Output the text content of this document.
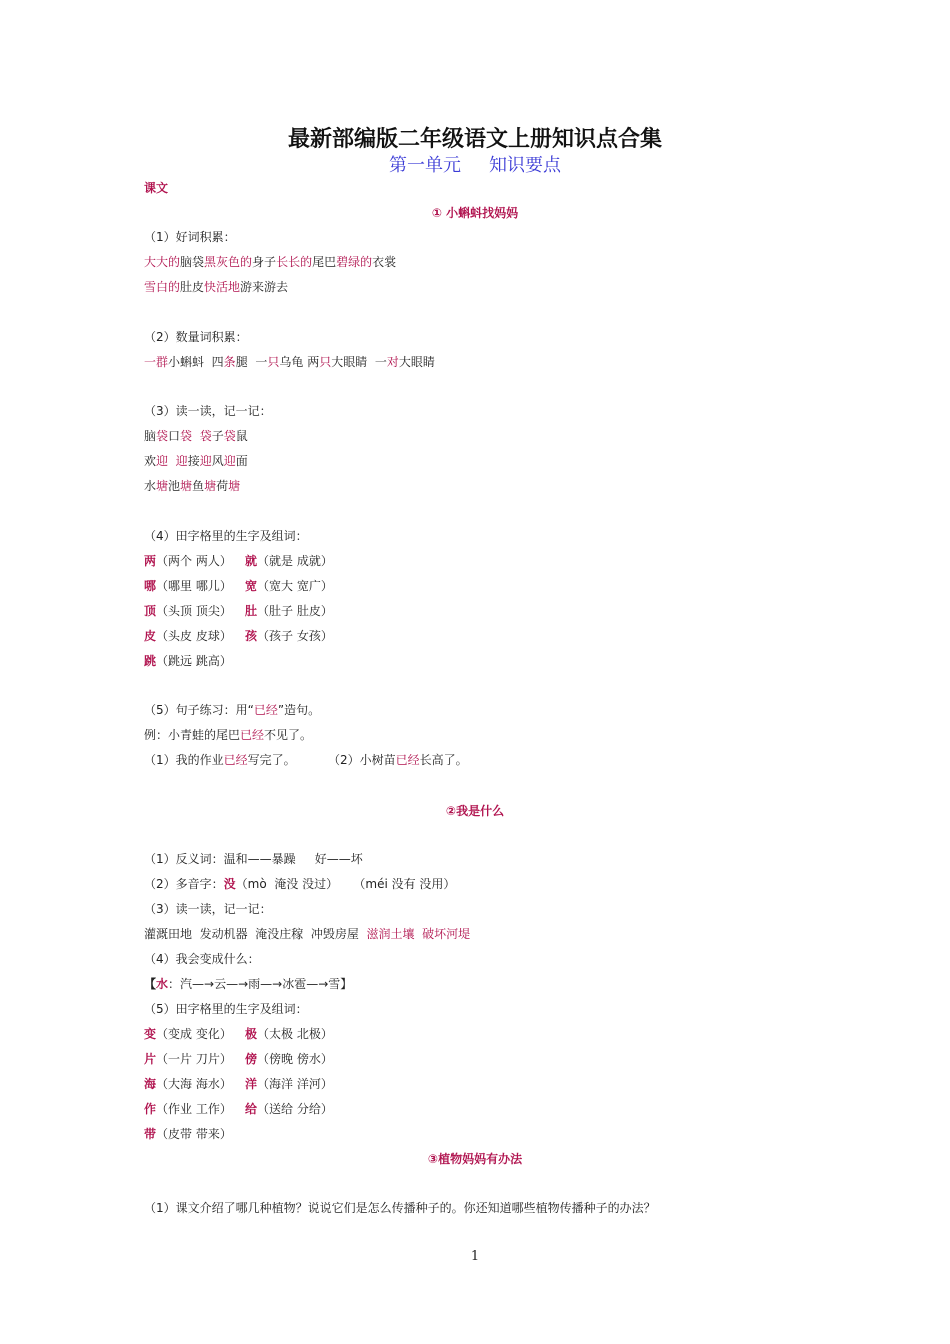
最新部编版二年级语文上册知识点合集
第一单元 知识要点
课文
① 小蝌蚪找妈妈
（1）好词积累：
大大的脑袋黑灰色的身子长长的尾巴碧绿的衣裳
雪白的肚皮快活地游来游去
（2）数量词积累：
一群小蝌蚪  四条腿  一只乌龟 两只大眼睛  一对大眼睛
（3）读一读，记一记：
脑袋口袋 袋子袋鼠
欢迎 迎接迎风迎面
水塘池塘鱼塘荷塘
（4）田字格里的生字及组词：
两（两个 两人） 就（就是 成就）
哪（哪里 哪儿） 宽（宽大 宽广）
顶（头顶 顶尖） 肚（肚子 肚皮）
皮（头皮 皮球） 孩（孩子 女孩）
跳（跳远 跳高）
（5）句子练习：用“已经”造句。
例：小青蛙的尾巴已经不见了。
（1）我的作业已经写完了。	（2）小树苗已经长高了。
②我是什么
（1）反义词：温和——暴躁     好——坏
（2）多音字：没（mò  淹没 没过）    （méi 没有 没用）
（3）读一读，记一记：
灌溉田地  发动机器  淹没庄稼  冲毁房屋  滋润土壤  破坏河堤
（4）我会变成什么：
【水：汽—→云—→雨—→冰雹—→雪】
（5）田字格里的生字及组词：
变（变成 变化） 极（太极 北极）
片（一片 刀片） 傍（傍晚 傍水）
海（大海 海水） 洋（海洋 洋河）
作（作业 工作） 给（送给 分给）
带（皮带 带来）
③植物妈妈有办法
（1）课文介绍了哪几种植物？说说它们是怎么传播种子的。你还知道哪些植物传播种子的办法？
1
